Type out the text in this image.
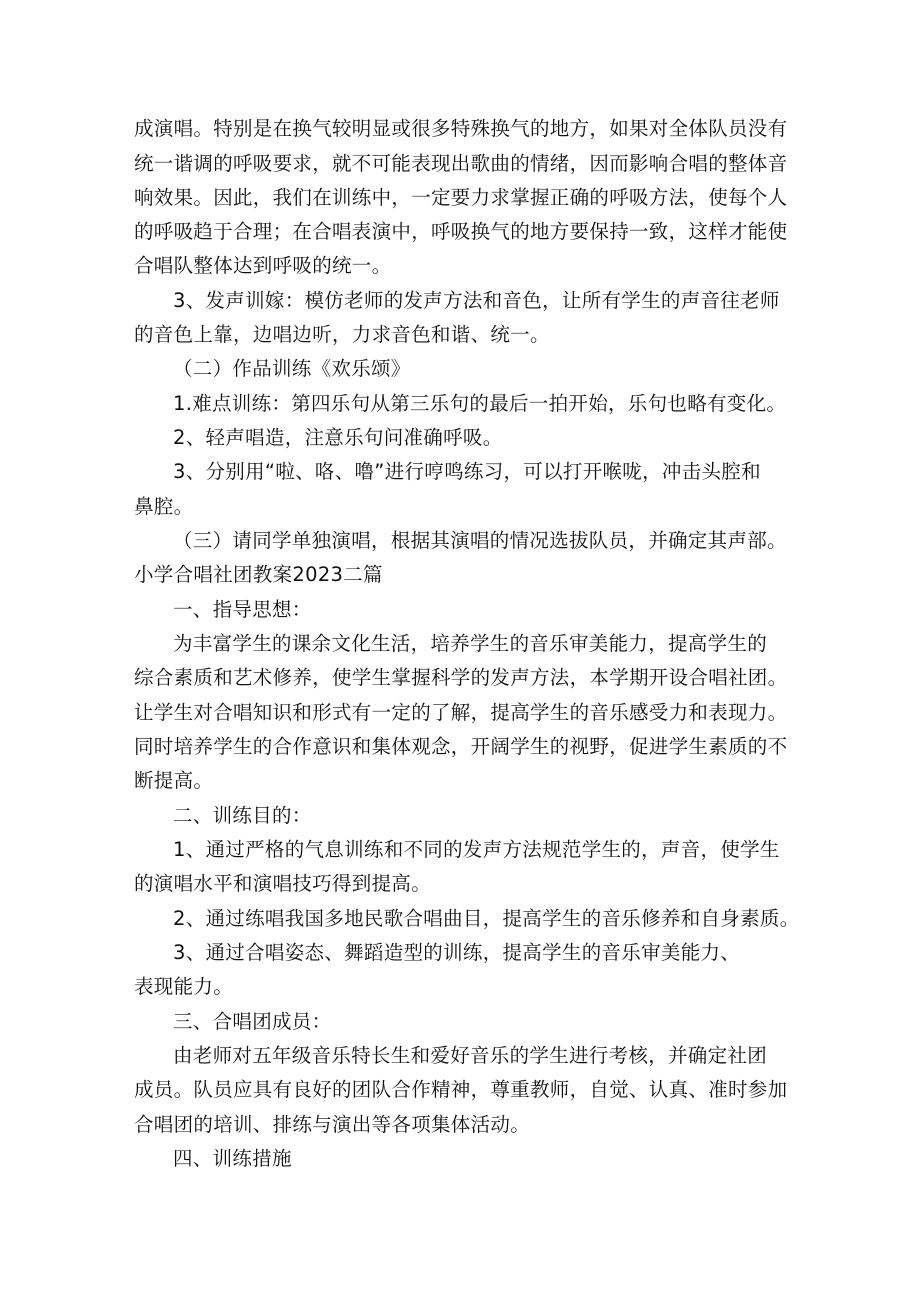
成演唱。特别是在换气较明显或很多特殊换气的地方，如果对全体队员没有
统一谐调的呼吸要求，就不可能表现出歌曲的情绪，因而影响合唱的整体音
响效果。因此，我们在训练中，一定要力求掌握正确的呼吸方法，使每个人
的呼吸趋于合理；在合唱表演中，呼吸换气的地方要保持一致，这样才能使
合唱队整体达到呼吸的统一。
3、发声训嫁：模仿老师的发声方法和音色，让所有学生的声音往老师
的音色上靠，边唱边听，力求音色和谐、统一。
（二）作品训练《欢乐颂》
1.难点训练：第四乐句从第三乐句的最后一拍开始，乐句也略有变化。
2、轻声唱造，注意乐句问准确呼吸。
3、分别用“啦、咯、噜”进行哼鸣练习，可以打开喉咙，冲击头腔和
鼻腔。
（三）请同学单独演唱，根据其演唱的情况选拔队员，并确定其声部。
小学合唱社团教案2023二篇
一、指导思想：
为丰富学生的课余文化生活，培养学生的音乐审美能力，提高学生的
综合素质和艺术修养，使学生掌握科学的发声方法，本学期开设合唱社团。
让学生对合唱知识和形式有一定的了解，提高学生的音乐感受力和表现力。
同时培养学生的合作意识和集体观念，开阔学生的视野，促进学生素质的不
断提高。
二、训练目的：
1、通过严格的气息训练和不同的发声方法规范学生的，声音，使学生
的演唱水平和演唱技巧得到提高。
2、通过练唱我国多地民歌合唱曲目，提高学生的音乐修养和自身素质。
3、通过合唱姿态、舞蹈造型的训练，提高学生的音乐审美能力、
表现能力。
三、合唱团成员：
由老师对五年级音乐特长生和爱好音乐的学生进行考核，并确定社团
成员。队员应具有良好的团队合作精神，尊重教师，自觉、认真、准时参加
合唱团的培训、排练与演出等各项集体活动。
四、训练措施
